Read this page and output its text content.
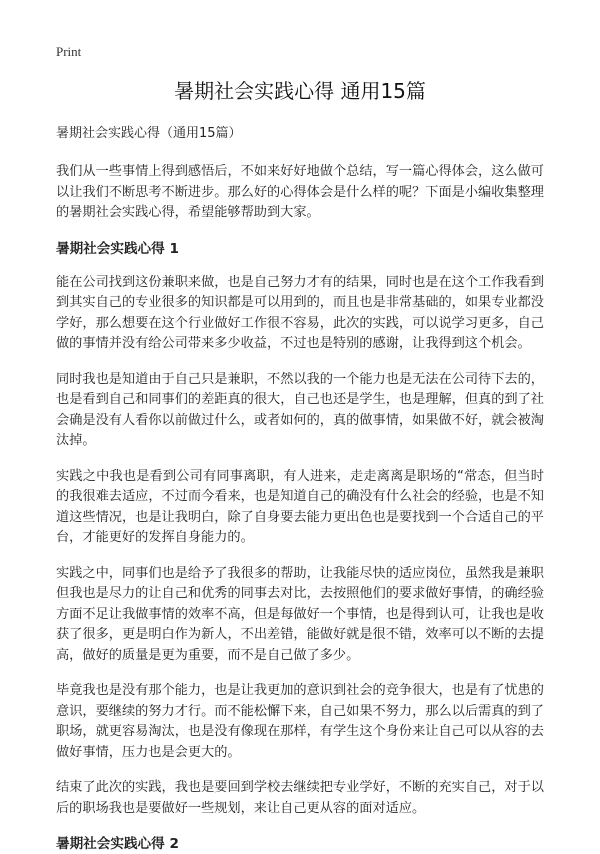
Print
暑期社会实践心得 通用15篇

暑期社会实践心得（通用15篇）

我们从一些事情上得到感悟后，不如来好好地做个总结，写一篇心得体会，这么做可以让我们不断思考不断进步。那么好的心得体会是什么样的呢？下面是小编收集整理的暑期社会实践心得，希望能够帮助到大家。

暑期社会实践心得 1

能在公司找到这份兼职来做，也是自己努力才有的结果，同时也是在这个工作我看到到其实自己的专业很多的知识都是可以用到的，而且也是非常基础的，如果专业都没学好，那么想要在这个行业做好工作很不容易，此次的实践，可以说学习更多，自己做的事情并没有给公司带来多少收益，不过也是特别的感谢，让我得到这个机会。

同时我也是知道由于自己只是兼职，不然以我的一个能力也是无法在公司待下去的，也是看到自己和同事们的差距真的很大，自己也还是学生，也是理解，但真的到了社会确是没有人看你以前做过什么，或者如何的，真的做事情，如果做不好，就会被淘汰掉。

实践之中我也是看到公司有同事离职，有人进来，走走离离是职场的“常态，但当时的我很难去适应，不过而今看来，也是知道自己的确没有什么社会的经验，也是不知道这些情况，也是让我明白，除了自身要去能力更出色也是要找到一个合适自己的平台，才能更好的发挥自身能力的。

实践之中，同事们也是给予了我很多的帮助，让我能尽快的适应岗位，虽然我是兼职但我也是尽力的让自己和优秀的同事去对比，去按照他们的要求做好事情，的确经验方面不足让我做事情的效率不高，但是每做好一个事情，也是得到认可，让我也是收获了很多，更是明白作为新人，不出差错，能做好就是很不错，效率可以不断的去提高，做好的质量是更为重要，而不是自己做了多少。

毕竟我也是没有那个能力，也是让我更加的意识到社会的竞争很大，也是有了忧患的意识，要继续的努力才行。而不能松懈下来，自己如果不努力，那么以后需真的到了职场，就更容易淘汰，也是没有像现在那样，有学生这个身份来让自己可以从容的去做好事情，压力也是会更大的。

结束了此次的实践，我也是要回到学校去继续把专业学好，不断的充实自己，对于以后的职场我也是要做好一些规划，来让自己更从容的面对适应。

暑期社会实践心得 2
